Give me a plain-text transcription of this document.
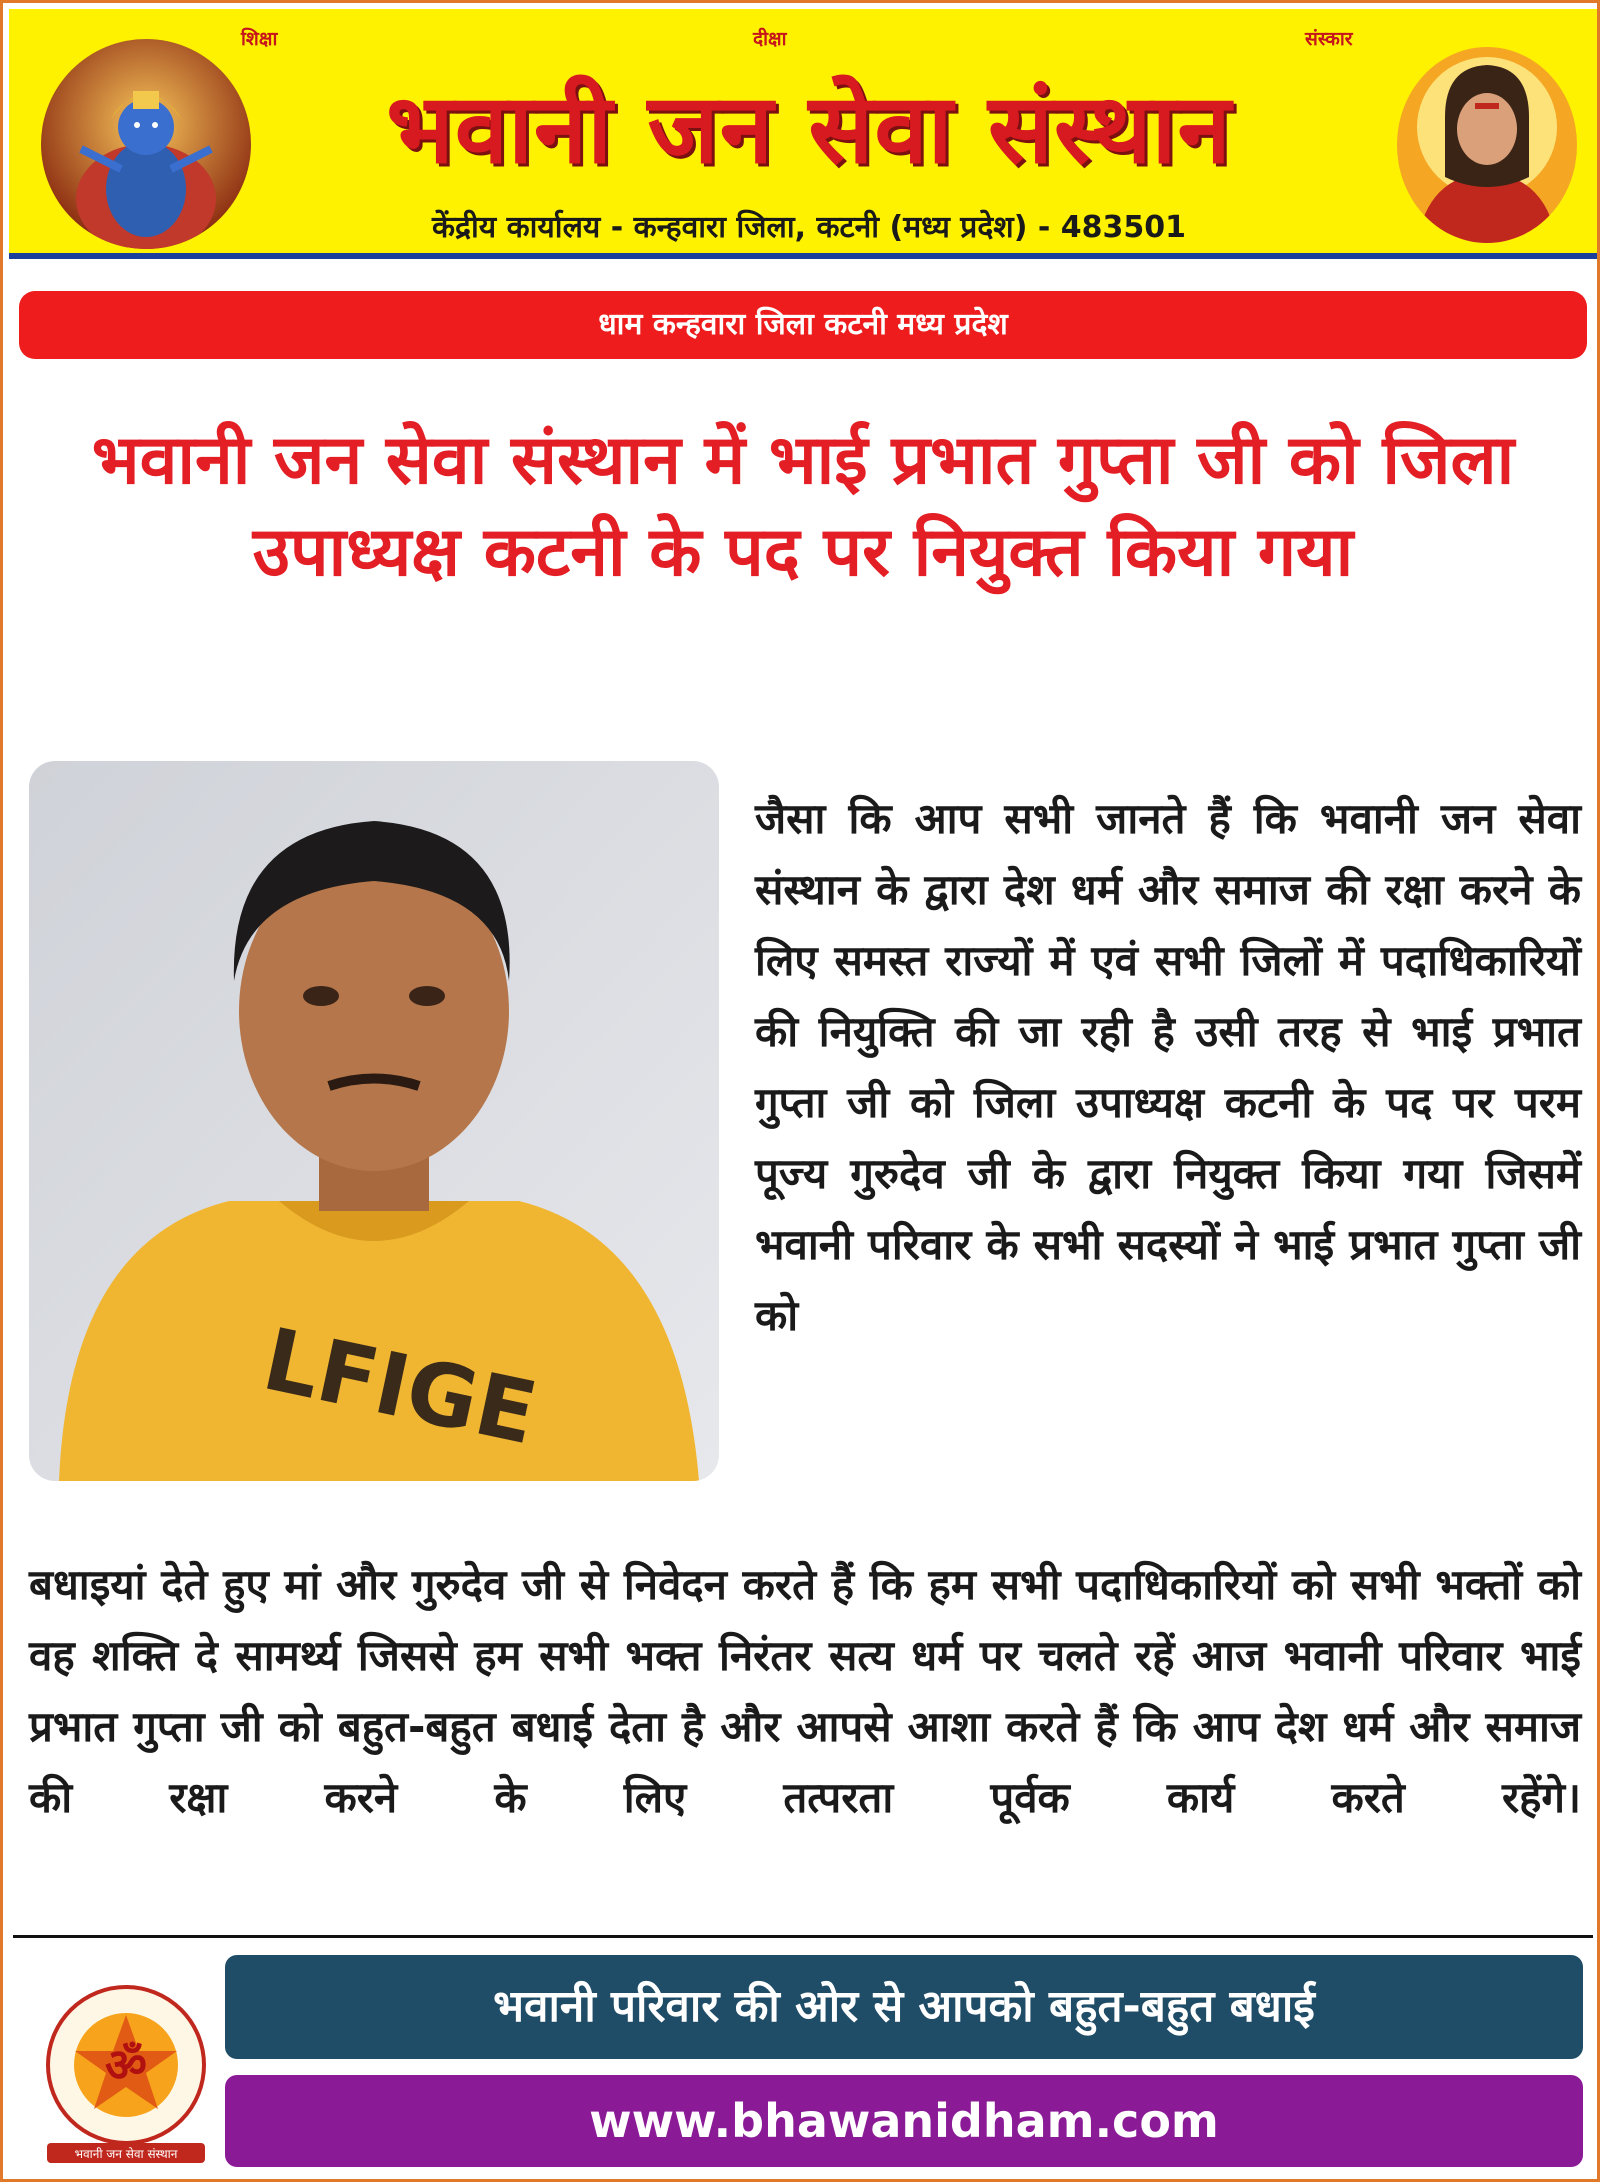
शिक्षा	दीक्षा	संस्कार
भवानी जन सेवा संस्थान
केंद्रीय कार्यालय - कन्हवारा जिला, कटनी (मध्य प्रदेश) - 483501
धाम कन्हवारा जिला कटनी मध्य प्रदेश
भवानी जन सेवा संस्थान में भाई प्रभात गुप्ता जी को जिला उपाध्यक्ष कटनी के पद पर नियुक्त किया गया
LFIGE
जैसा कि आप सभी जानते हैं कि भवानी जन सेवा संस्थान के द्वारा देश धर्म और समाज की रक्षा करने के लिए समस्त राज्यों में एवं सभी जिलों में पदाधिकारियों की नियुक्ति की जा रही है उसी तरह से भाई प्रभात गुप्ता जी को जिला उपाध्यक्ष कटनी के पद पर परम पूज्य गुरुदेव जी के द्वारा नियुक्त किया गया जिसमें भवानी परिवार के सभी सदस्यों ने भाई प्रभात गुप्ता जी को
बधाइयां देते हुए मां और गुरुदेव जी से निवेदन करते हैं कि हम सभी पदाधिकारियों को सभी भक्तों को वह शक्ति दे सामर्थ्य जिससे हम सभी भक्त निरंतर सत्य धर्म पर चलते रहें आज भवानी परिवार भाई प्रभात गुप्ता जी को बहुत-बहुत बधाई देता है और आपसे आशा करते हैं कि आप देश धर्म और समाज की रक्षा करने के लिए तत्परता पूर्वक कार्य करते रहेंगे।
ॐ
भवानी जन सेवा संस्थान
भवानी परिवार की ओर से आपको बहुत-बहुत बधाई
www.bhawanidham.com
